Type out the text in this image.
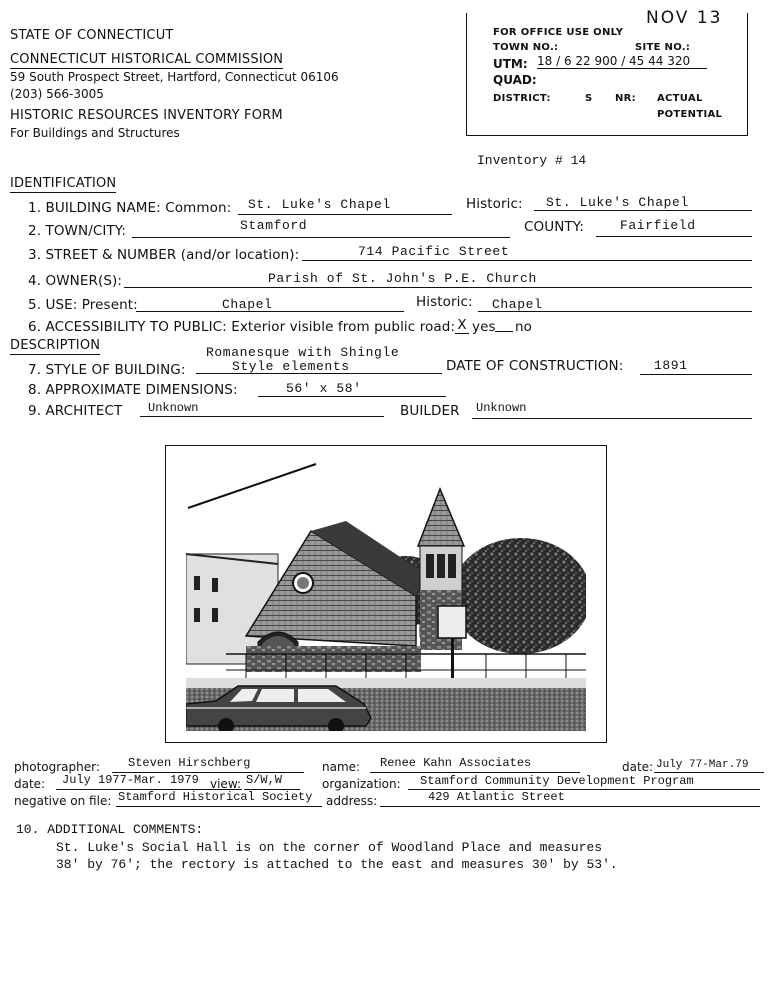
STATE OF CONNECTICUT
CONNECTICUT HISTORICAL COMMISSION
59 South Prospect Street, Hartford, Connecticut 06106
(203) 566-3005
HISTORIC RESOURCES INVENTORY FORM
For Buildings and Structures
NOV 13
FOR OFFICE USE ONLY
TOWN NO.:	SITE NO.:
UTM: 18 / 6 22 900 / 45 44 320
QUAD:
DISTRICT:	S NR: ACTUAL
POTENTIAL
Inventory # 14
IDENTIFICATION
1. BUILDING NAME: Common: St. Luke's Chapel	Historic: St. Luke's Chapel
2. TOWN/CITY:	Stamford	COUNTY:	Fairfield
3. STREET & NUMBER (and/or location):	714 Pacific Street
4. OWNER(S):	Parish of St. John's P.E. Church
5. USE: Present:	Chapel	Historic: Chapel
6. ACCESSIBILITY TO PUBLIC: Exterior visible from public road: X yes no
DESCRIPTION	Romanesque with Shingle
7. STYLE OF BUILDING:	Style elements	DATE OF CONSTRUCTION: 1891
8. APPROXIMATE DIMENSIONS:	56' x 58'
9. ARCHITECT Unknown	BUILDER Unknown
photographer: Steven Hirschberg	name: Renee Kahn Associates	date: July 77-Mar.79
date: July 1977-Mar. 1979 view: S/W,W	organization: Stamford Community Development Program
negative on file: Stamford Historical Society	address:	429 Atlantic Street
10. ADDITIONAL COMMENTS:
St. Luke's Social Hall is on the corner of Woodland Place and measures
38' by 76'; the rectory is attached to the east and measures 30' by 53'.
